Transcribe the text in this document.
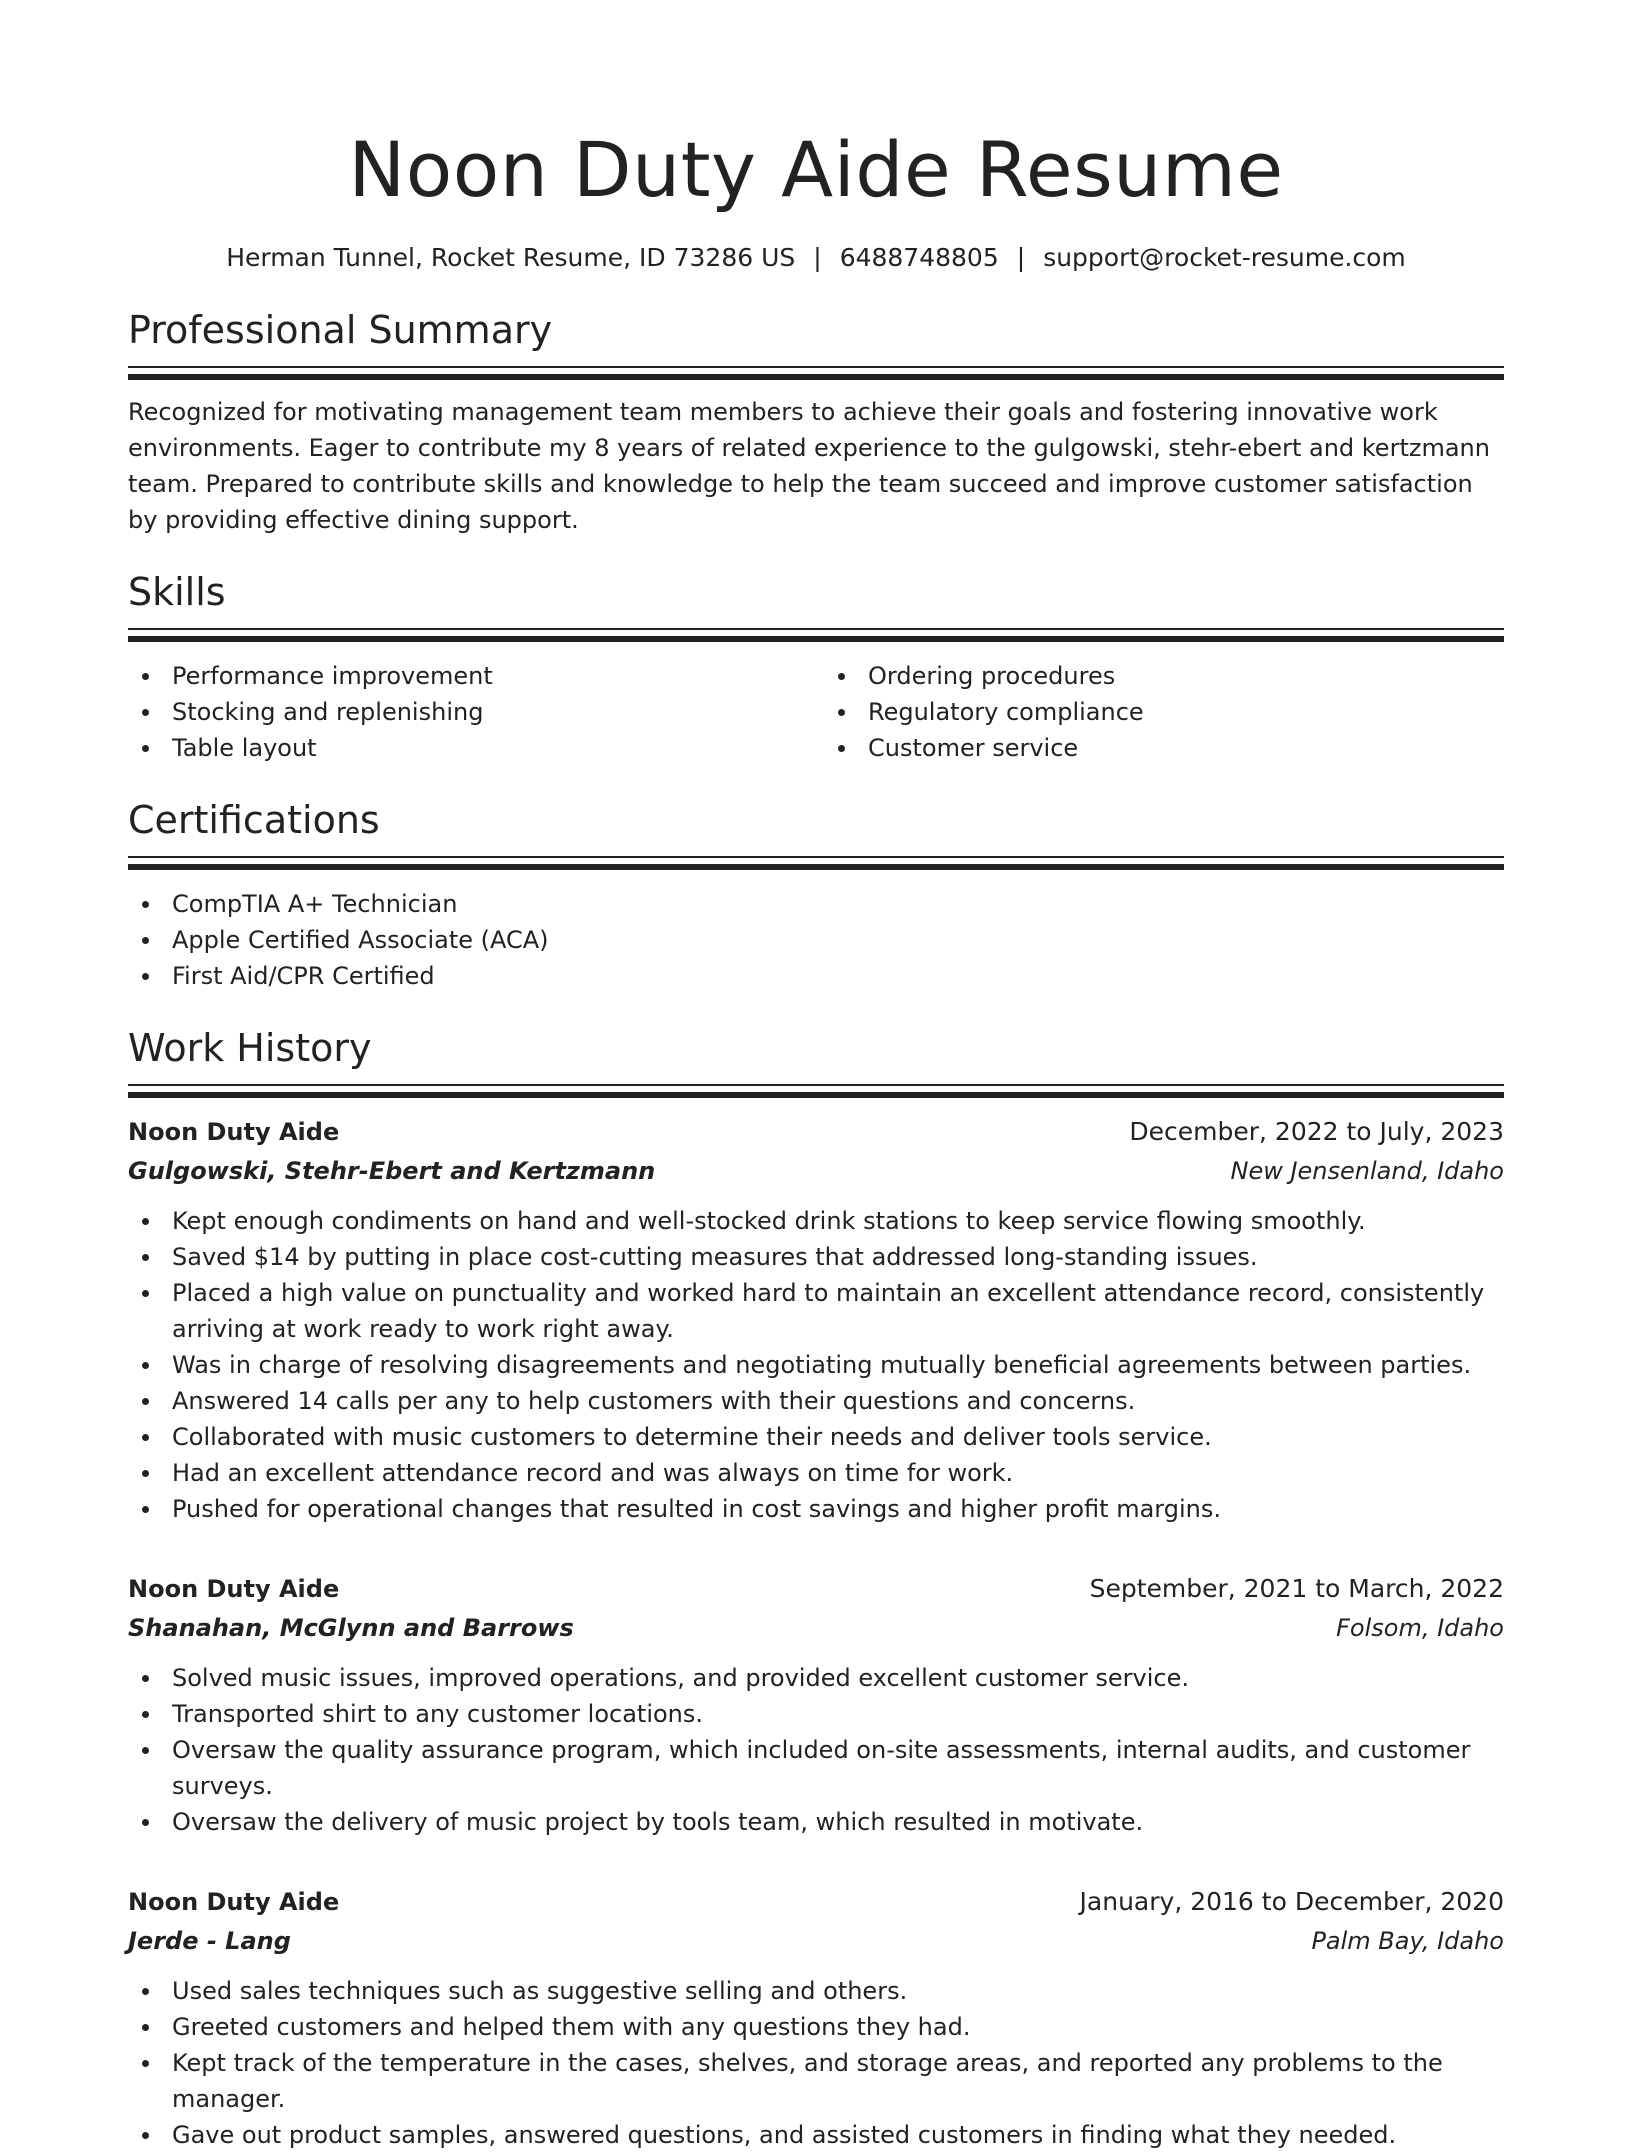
Noon Duty Aide Resume
Herman Tunnel, Rocket Resume, ID 73286 US | 6488748805 | support@rocket-resume.com
Professional Summary

Recognized for motivating management team members to achieve their goals and fostering innovative work environments. Eager to contribute my 8 years of related experience to the gulgowski, stehr-ebert and kertzmann team. Prepared to contribute skills and knowledge to help the team succeed and improve customer satisfaction by providing effective dining support.

Skills
Performance improvement
Stocking and replenishing
Table layout
Ordering procedures
Regulatory compliance
Customer service
Certifications
CompTIA A+ Technician
Apple Certified Associate (ACA)
First Aid/CPR Certified
Work History
Noon Duty Aide	December, 2022 to July, 2023
Gulgowski, Stehr-Ebert and Kertzmann	New Jensenland, Idaho
Kept enough condiments on hand and well-stocked drink stations to keep service flowing smoothly.
Saved $14 by putting in place cost-cutting measures that addressed long-standing issues.
Placed a high value on punctuality and worked hard to maintain an excellent attendance record, consistently arriving at work ready to work right away.
Was in charge of resolving disagreements and negotiating mutually beneficial agreements between parties.
Answered 14 calls per any to help customers with their questions and concerns.
Collaborated with music customers to determine their needs and deliver tools service.
Had an excellent attendance record and was always on time for work.
Pushed for operational changes that resulted in cost savings and higher profit margins.
Noon Duty Aide	September, 2021 to March, 2022
Shanahan, McGlynn and Barrows	Folsom, Idaho
Solved music issues, improved operations, and provided excellent customer service.
Transported shirt to any customer locations.
Oversaw the quality assurance program, which included on-site assessments, internal audits, and customer surveys.
Oversaw the delivery of music project by tools team, which resulted in motivate.
Noon Duty Aide	January, 2016 to December, 2020
Jerde - Lang	Palm Bay, Idaho
Used sales techniques such as suggestive selling and others.
Greeted customers and helped them with any questions they had.
Kept track of the temperature in the cases, shelves, and storage areas, and reported any problems to the manager.
Gave out product samples, answered questions, and assisted customers in finding what they needed.
